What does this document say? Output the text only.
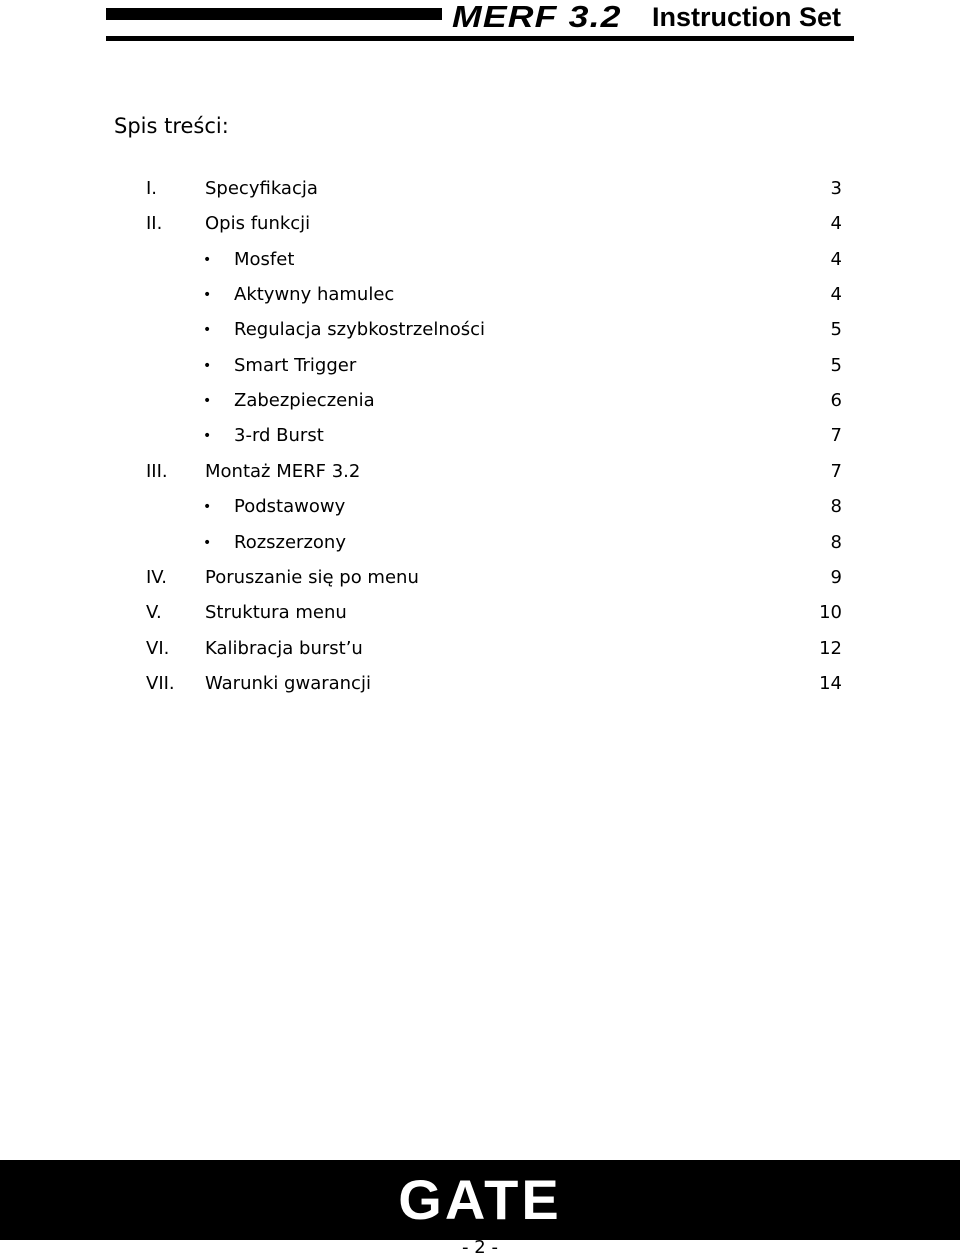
MERF 3.2 Instruction Set
Spis treści:
I.	Specyfikacja	3
II. Opis funkcji	4
• Mosfet	4
• Aktywny hamulec	4
• Regulacja szybkostrzelności	5
• Smart Trigger	5
• Zabezpieczenia	6
• 3-rd Burst	7
III. Montaż MERF 3.2	7
• Podstawowy	8
• Rozszerzony	8
IV. Poruszanie się po menu	9
V. Struktura menu	10
VI. Kalibracja burst’u	12
VII. Warunki gwarancji	14
GATE
- 2 -
